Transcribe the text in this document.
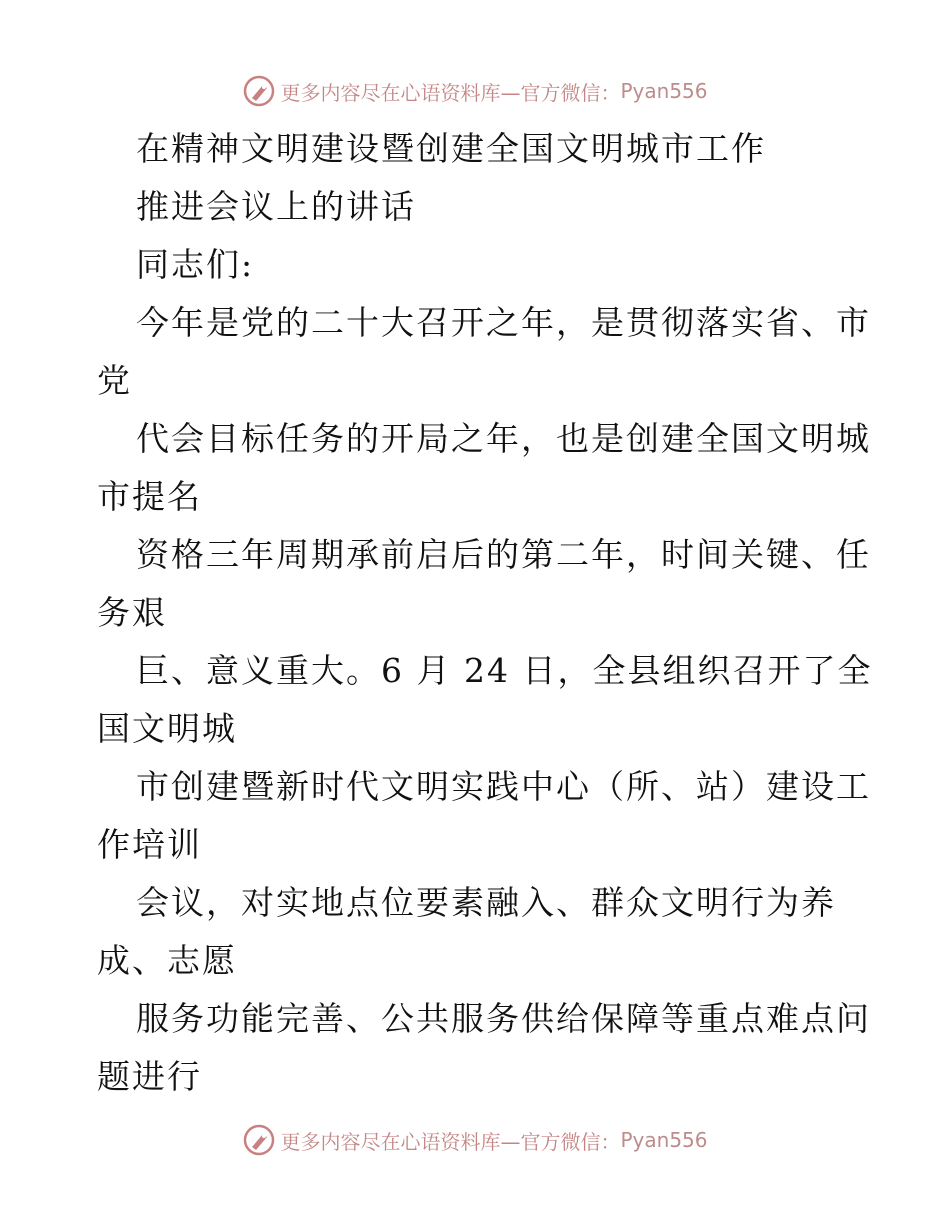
更多内容尽在心语资料库—官方微信： Pyan556
在精神文明建设暨创建全国文明城市工作
推进会议上的讲话
同志们:
今年是党的二十大召开之年，是贯彻落实省、市
党
代会目标任务的开局之年，也是创建全国文明城
市提名
资格三年周期承前启后的第二年，时间关键、任
务艰
巨、意义重大。6 月 24 日，全县组织召开了全
国文明城
市创建暨新时代文明实践中心（所、站）建设工
作培训
会议，对实地点位要素融入、群众文明行为养
成、志愿
服务功能完善、公共服务供给保障等重点难点问
题进行
更多内容尽在心语资料库—官方微信： Pyan556
